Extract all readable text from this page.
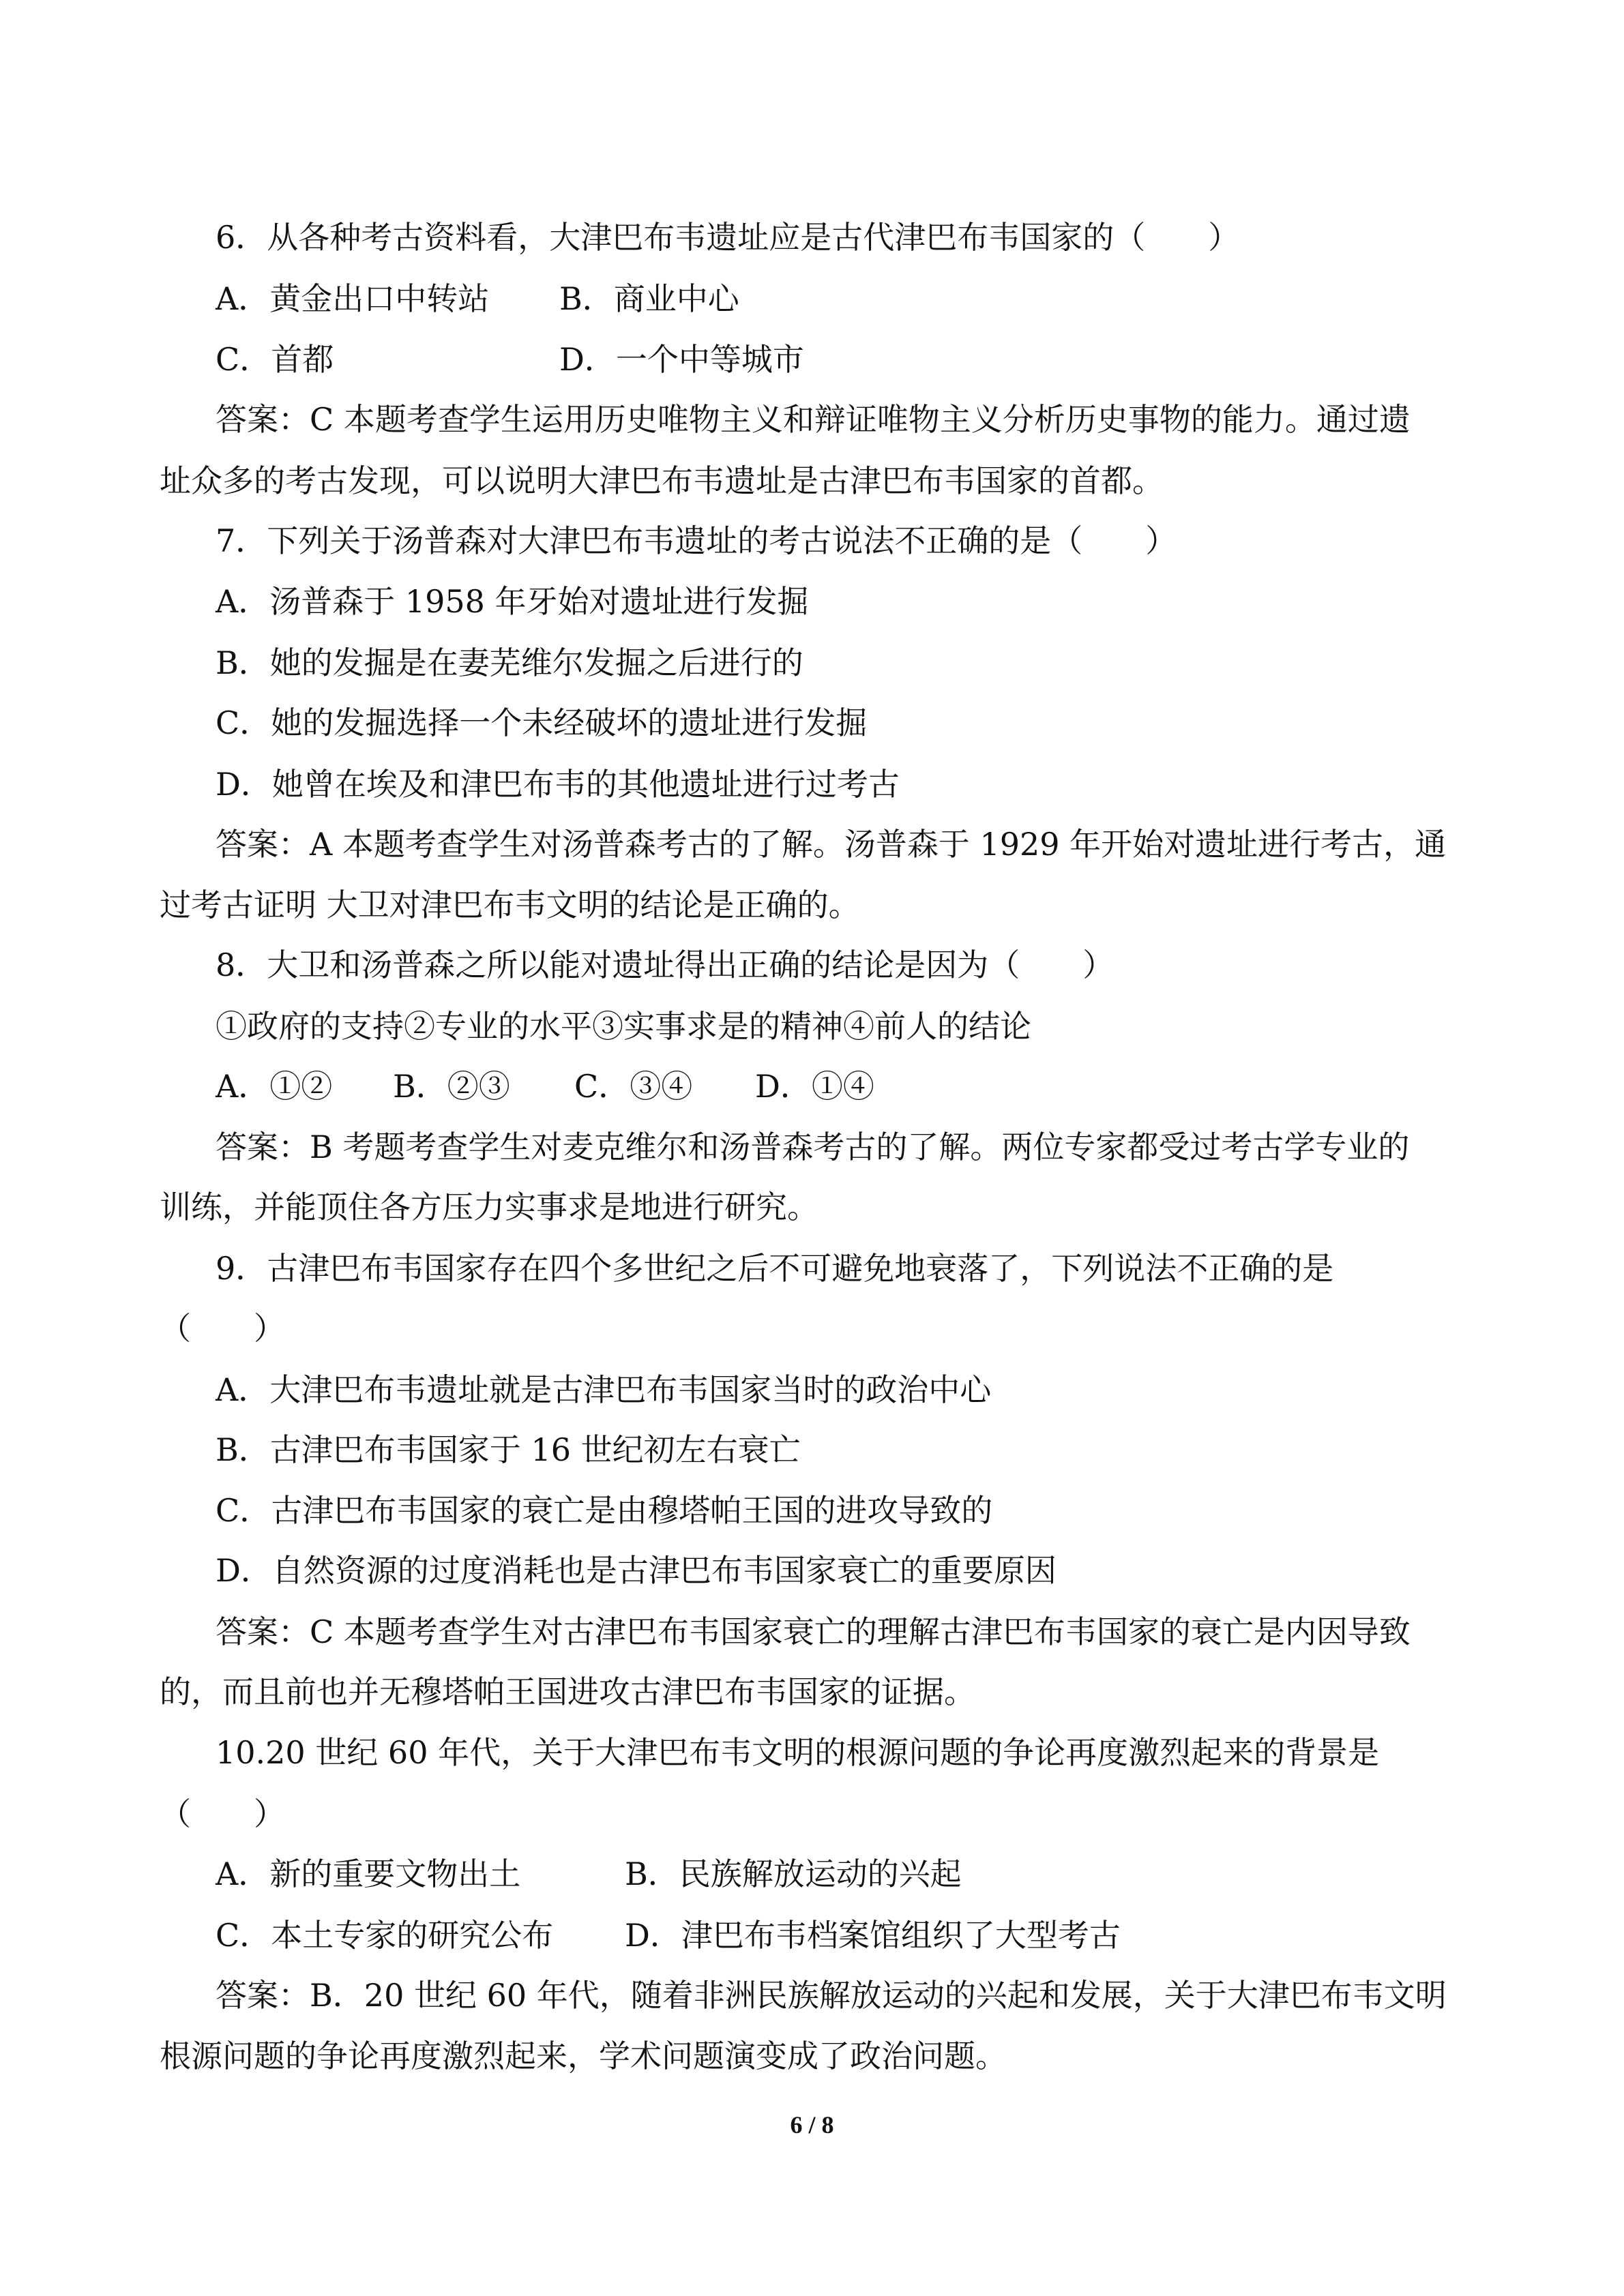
6．从各种考古资料看，大津巴布韦遗址应是古代津巴布韦国家的（　　）
A．黄金出口中转站 B．商业中心
C．首都	D．一个中等城市
答案：C 本题考查学生运用历史唯物主义和辩证唯物主义分析历史事物的能力。通过遗
址众多的考古发现，可以说明大津巴布韦遗址是古津巴布韦国家的首都。
7．下列关于汤普森对大津巴布韦遗址的考古说法不正确的是（　　）
A．汤普森于 1958 年牙始对遗址进行发掘
B．她的发掘是在妻芜维尔发掘之后进行的
C．她的发掘选择一个未经破坏的遗址进行发掘
D．她曾在埃及和津巴布韦的其他遗址进行过考古
答案：A 本题考查学生对汤普森考古的了解。汤普森于 1929 年开始对遗址进行考古，通
过考古证明 大卫对津巴布韦文明的结论是正确的。
8．大卫和汤普森之所以能对遗址得出正确的结论是因为（　　）
①政府的支持②专业的水平③实事求是的精神④前人的结论
A．①② B．②③ C．③④ D．①④
答案：B 考题考查学生对麦克维尔和汤普森考古的了解。两位专家都受过考古学专业的
训练，并能顶住各方压力实事求是地进行研究。
9．古津巴布韦国家存在四个多世纪之后不可避免地衰落了，下列说法不正确的是
（　　）
A．大津巴布韦遗址就是古津巴布韦国家当时的政治中心
B．古津巴布韦国家于 16 世纪初左右衰亡
C．古津巴布韦国家的衰亡是由穆塔帕王国的进攻导致的
D．自然资源的过度消耗也是古津巴布韦国家衰亡的重要原因
答案：C 本题考查学生对古津巴布韦国家衰亡的理解古津巴布韦国家的衰亡是内因导致
的，而且前也并无穆塔帕王国进攻古津巴布韦国家的证据。
10.20 世纪 60 年代，关于大津巴布韦文明的根源问题的争论再度激烈起来的背景是
（　　）
A．新的重要文物出土	B．民族解放运动的兴起
C．本土专家的研究公布 D．津巴布韦档案馆组织了大型考古
答案：B．20 世纪 60 年代，随着非洲民族解放运动的兴起和发展，关于大津巴布韦文明
根源问题的争论再度激烈起来，学术问题演变成了政治问题。
6 / 8
